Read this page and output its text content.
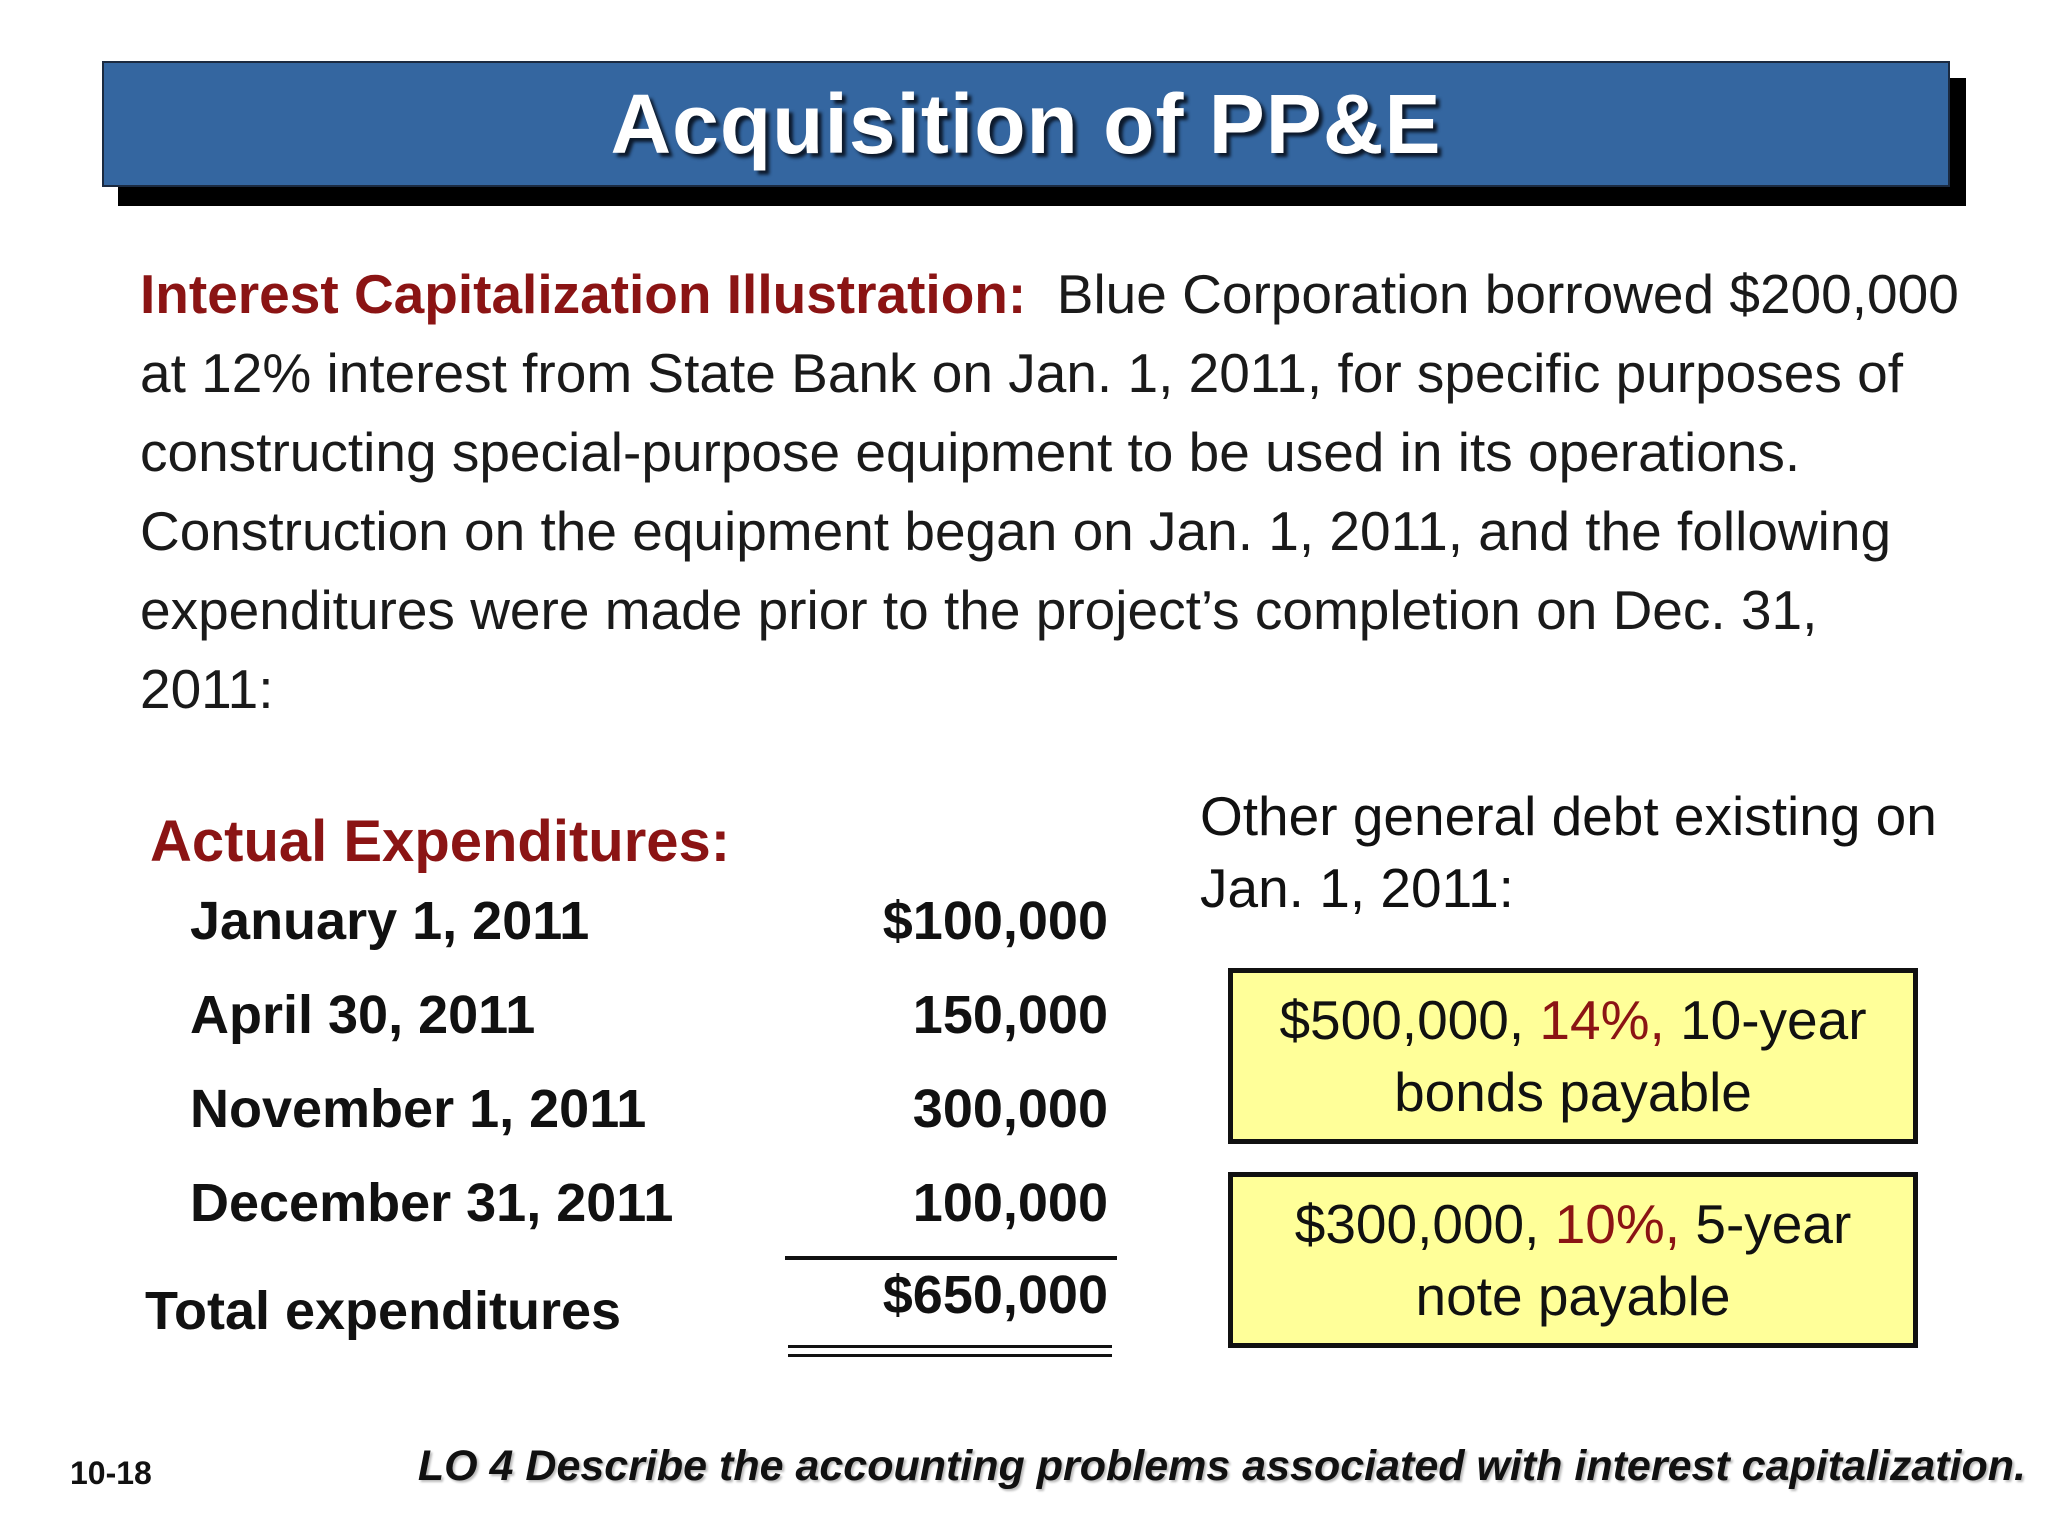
Acquisition of PP&E
Interest Capitalization Illustration: Blue Corporation borrowed $200,000 at 12% interest from State Bank on Jan. 1, 2011, for specific purposes of constructing special-purpose equipment to be used in its operations. Construction on the equipment began on Jan. 1, 2011, and the following expenditures were made prior to the project’s completion on Dec. 31, 2011:
Actual Expenditures:
January 1, 2011	$100,000
April 30, 2011	150,000
November 1, 2011	300,000
December 31, 2011	100,000
Total expenditures	$650,000
Other general debt existing on Jan. 1, 2011:
$500,000, 14%, 10-year
bonds payable
$300,000, 10%, 5-year
note payable
10-18	LO 4 Describe the accounting problems associated with interest capitalization.
